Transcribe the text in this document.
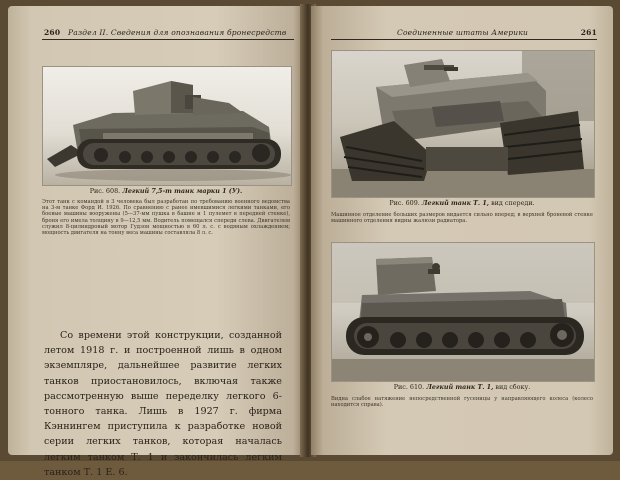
260 Раздел II. Сведения для опознавания бронесредств
Рис. 608. Легкий 7,5-т танк марки 1 (У).
Этот танк с командой в 3 человека был разработан по требованию военного ведомства на 3-м танке Форд И. 1926. По сравнению с ранее имевшимися легкими танками, его боевые машины вооружены (5—37-мм пушка в башне и 1 пулемет в передней стенке), броня его имела толщину в 9—12,5 мм. Водитель помещался спереди слева. Двигателем служил 8-цилиндровый мотор Гудзон мощностью в 60 л. с. с водяным охлаждением; мощность двигателя на тонну веса машины составляла 8 л. с.
Со времени этой конструкции, созданной летом 1918 г. и построенной лишь в одном экземпляре, дальнейшее развитие легких танков приостановилось, включая также рассмотренную выше переделку легкого 6-тонного танка. Лишь в 1927 г. фирма Кэннингем приступила к разработке новой серии легких танков, которая началась легким танком Т. 1 и закончилась легким танком Т. 1 Е. 6.
Соединенные штаты Америки	261
Рис. 609. Легкий танк Т. 1, вид спереди.
Машинное отделение больших размеров видается сильно вперед; в верхней броневой стенке машинного отделения видны жалюзи радиатора.
Рис. 610. Легкий танк Т. 1, вид сбоку.
Видна слабое натяжение непосредственной гусеницы у направляющего колеса (колесо находится справа).
